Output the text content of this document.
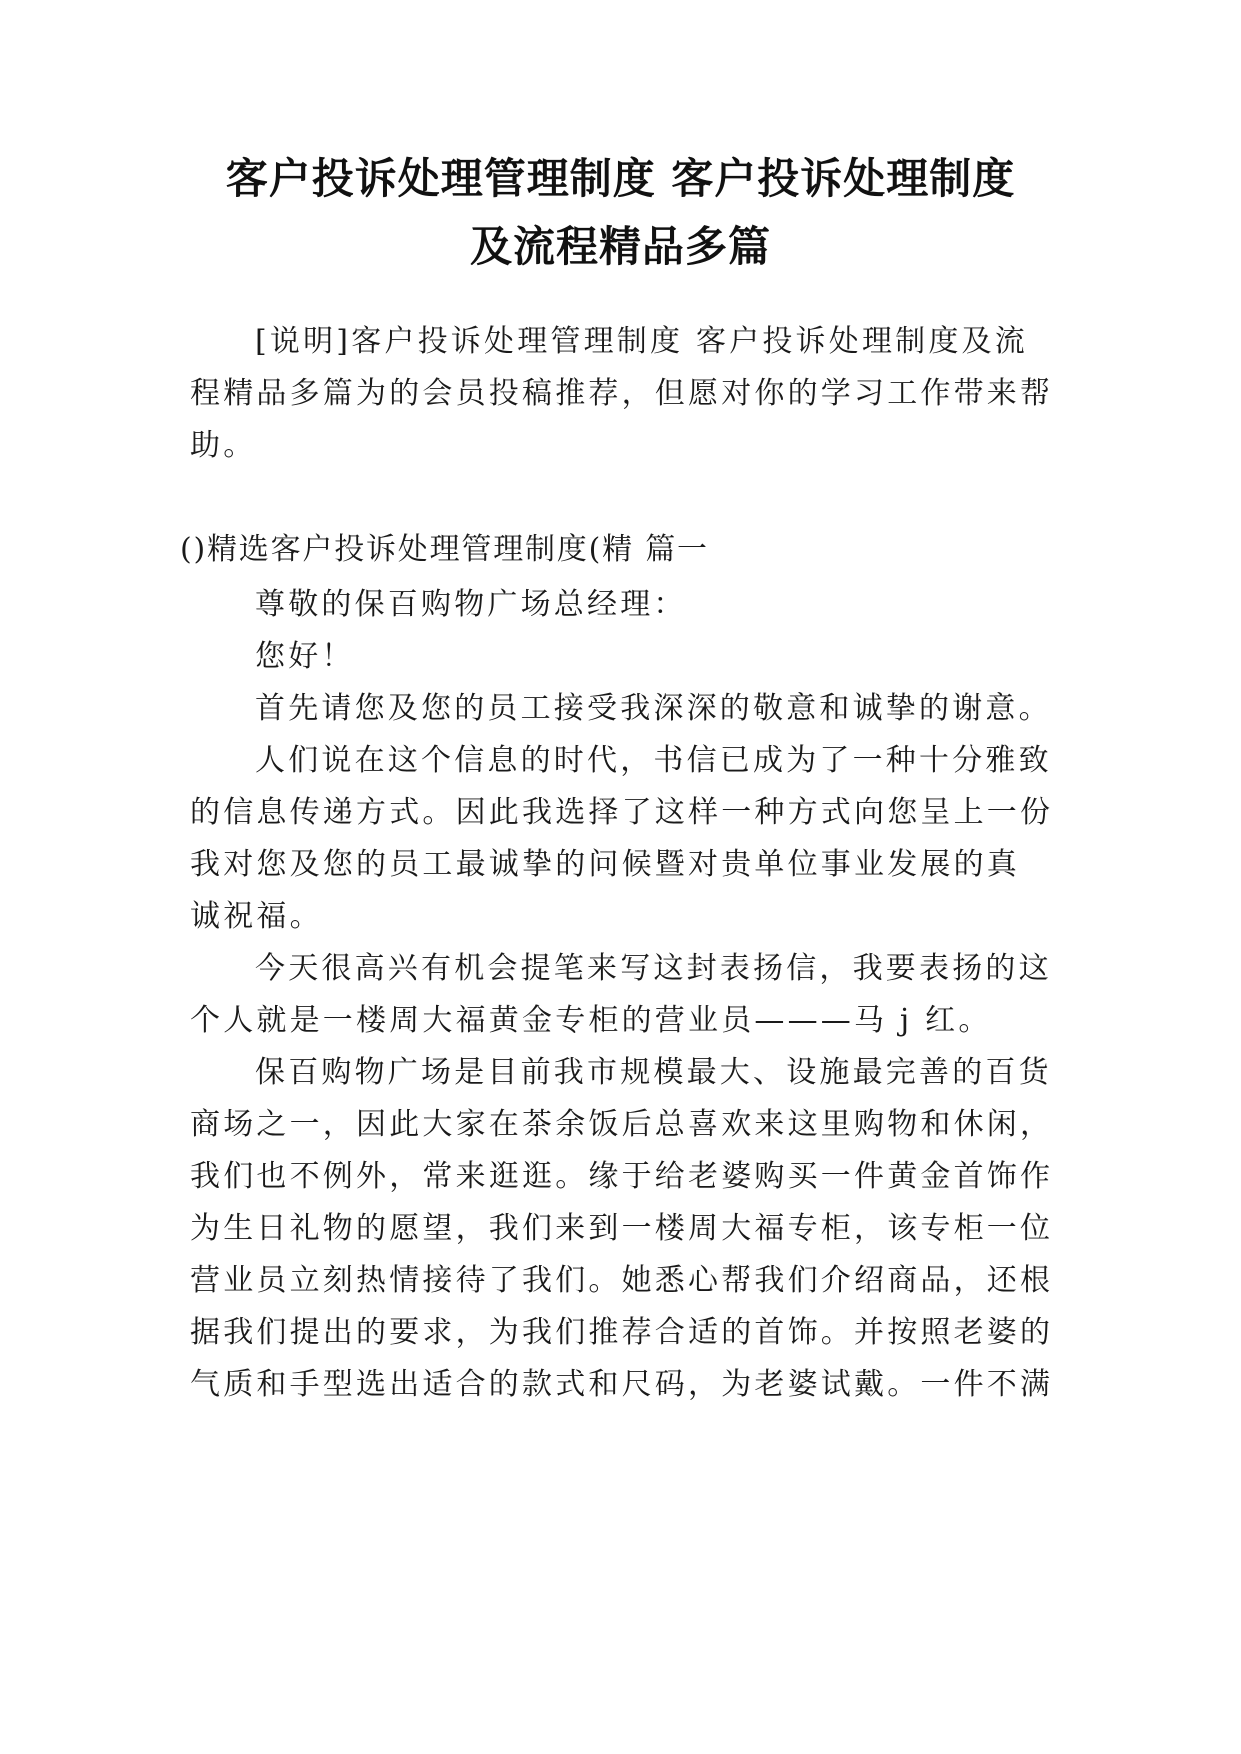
客户投诉处理管理制度 客户投诉处理制度
及流程精品多篇
[说明]客户投诉处理管理制度 客户投诉处理制度及流
程精品多篇为的会员投稿推荐，但愿对你的学习工作带来帮
助。
()精选客户投诉处理管理制度(精 篇一
尊敬的保百购物广场总经理：
您好！
首先请您及您的员工接受我深深的敬意和诚挚的谢意。
人们说在这个信息的时代，书信已成为了一种十分雅致
的信息传递方式。因此我选择了这样一种方式向您呈上一份
我对您及您的员工最诚挚的问候暨对贵单位事业发展的真
诚祝福。
今天很高兴有机会提笔来写这封表扬信，我要表扬的这
个人就是一楼周大福黄金专柜的营业员———马 j 红。
保百购物广场是目前我市规模最大、设施最完善的百货
商场之一，因此大家在茶余饭后总喜欢来这里购物和休闲，
我们也不例外，常来逛逛。缘于给老婆购买一件黄金首饰作
为生日礼物的愿望，我们来到一楼周大福专柜，该专柜一位
营业员立刻热情接待了我们。她悉心帮我们介绍商品，还根
据我们提出的要求，为我们推荐合适的首饰。并按照老婆的
气质和手型选出适合的款式和尺码，为老婆试戴。一件不满
